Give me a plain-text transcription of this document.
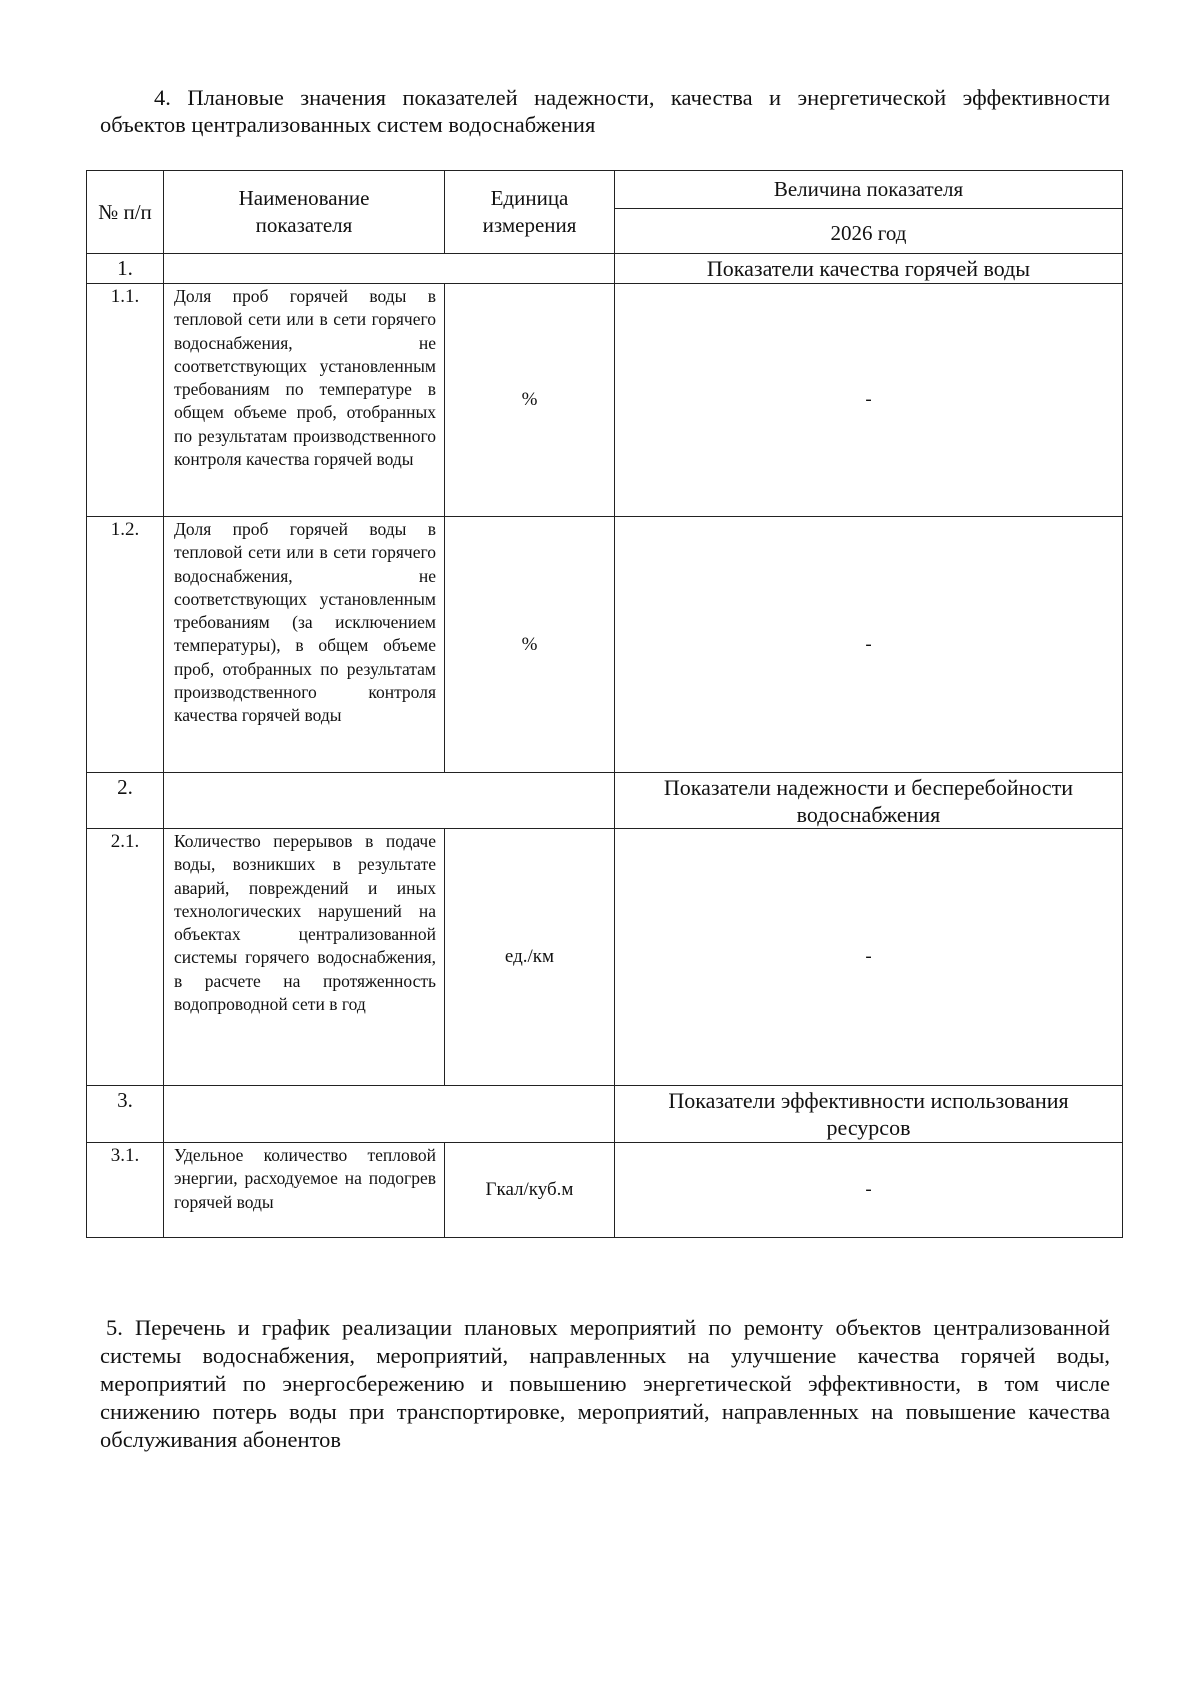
4. Плановые значения показателей надежности, качества и энергетической эффективности объектов централизованных систем водоснабжения

№ п/п	Наименование показателя	Единица измерения	Величина показателя
			2026 год
1.			Показатели качества горячей воды
1.1.	Доля проб горячей воды в тепловой сети или в сети горячего водоснабжения, не соответствующих установленным требованиям по температуре в общем объеме проб, отобранных по результатам производственного контроля качества горячей воды	%	-
1.2.	Доля проб горячей воды в тепловой сети или в сети горячего водоснабжения, не соответствующих установленным требованиям (за исключением температуры), в общем объеме проб, отобранных по результатам производственного контроля качества горячей воды	%	-
2.			Показатели надежности и бесперебойности водоснабжения
2.1.	Количество перерывов в подаче воды, возникших в результате аварий, повреждений и иных технологических нарушений на объектах централизованной системы горячего водоснабжения, в расчете на протяженность водопроводной сети в год	ед./км	-
3.			Показатели эффективности использования ресурсов
3.1.	Удельное количество тепловой энергии, расходуемое на подогрев горячей воды	Гкал/куб.м	-

5. Перечень и график реализации плановых мероприятий по ремонту объектов централизованной системы водоснабжения, мероприятий, направленных на улучшение качества горячей воды, мероприятий по энергосбережению и повышению энергетической эффективности, в том числе снижению потерь воды при транспортировке, мероприятий, направленных на повышение качества обслуживания абонентов
